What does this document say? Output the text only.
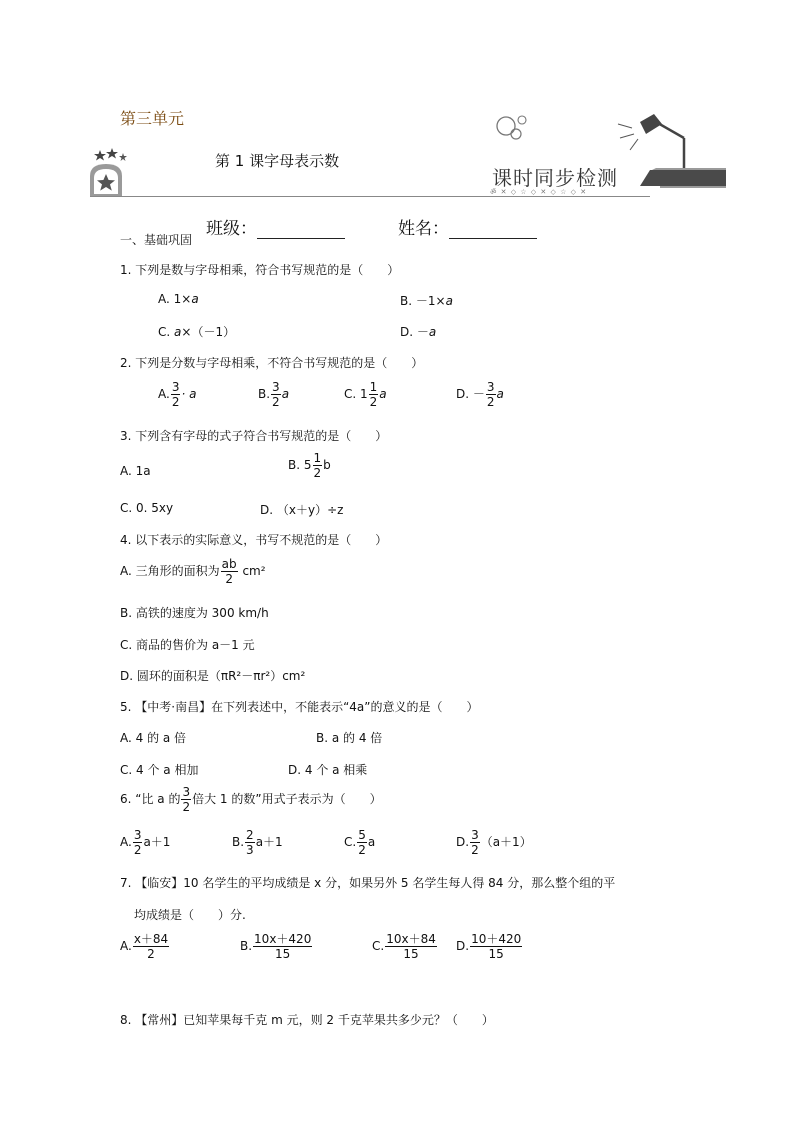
第三单元
第 1 课字母表示数
课时同步检测
ॐ ✕ ◇ ☆ ◇ ✕ ◇ ☆ ◇ ✕
一、基础巩固
班级：	姓名：
1. 下列是数与字母相乘，符合书写规范的是（　　）
A. 1×a	B. －1×a
C. a×（－1）	D. －a
2. 下列是分数与字母相乘，不符合书写规范的是（　　）
A. $\frac{3}{2} \cdot a$	B. $\frac{3}{2}$ a	C. $1 \frac{1}{2}$ a	D. － $\frac{3}{2}$ a
3. 下列含有字母的式子符合书写规范的是（　　）
A. 1a	B. $5 \frac{1}{2}$ b
C. 0. 5xy	D. （x＋y）÷z
4. 以下表示的实际意义，书写不规范的是（　　）
A. 三角形的面积为 $\frac{ab}{2} cm^2$
B. 高铁的速度为 300 km/h
C. 商品的售价为 a－1 元
D. 圆环的面积是（πR²－πr²）cm²
5. 【中考·南昌】在下列表述中，不能表示“4a”的意义的是（　　）
A. 4 的 a 倍	B. a 的 4 倍
C. 4 个 a 相加	D. 4 个 a 相乘
6. “比 a 的 $\frac{3}{2}$ 倍大 1 的数”用式子表示为（　　）
A. $\frac{3}{2} a+1$	B. $\frac{2}{3} a+1$	C. $\frac{5}{2}$ a	D. $\frac{3}{2} (a+1)$
7. 【临安】10 名学生的平均成绩是 x 分，如果另外 5 名学生每人得 84 分，那么整个组的平
均成绩是（　　）分.
A. $\frac{x+84}{2}$	B. $\frac{10x+420}{15}$	C. $\frac{10x+84}{15} D$. $\frac{10+420}{15}$
8. 【常州】已知苹果每千克 m 元，则 2 千克苹果共多少元？（　　）
